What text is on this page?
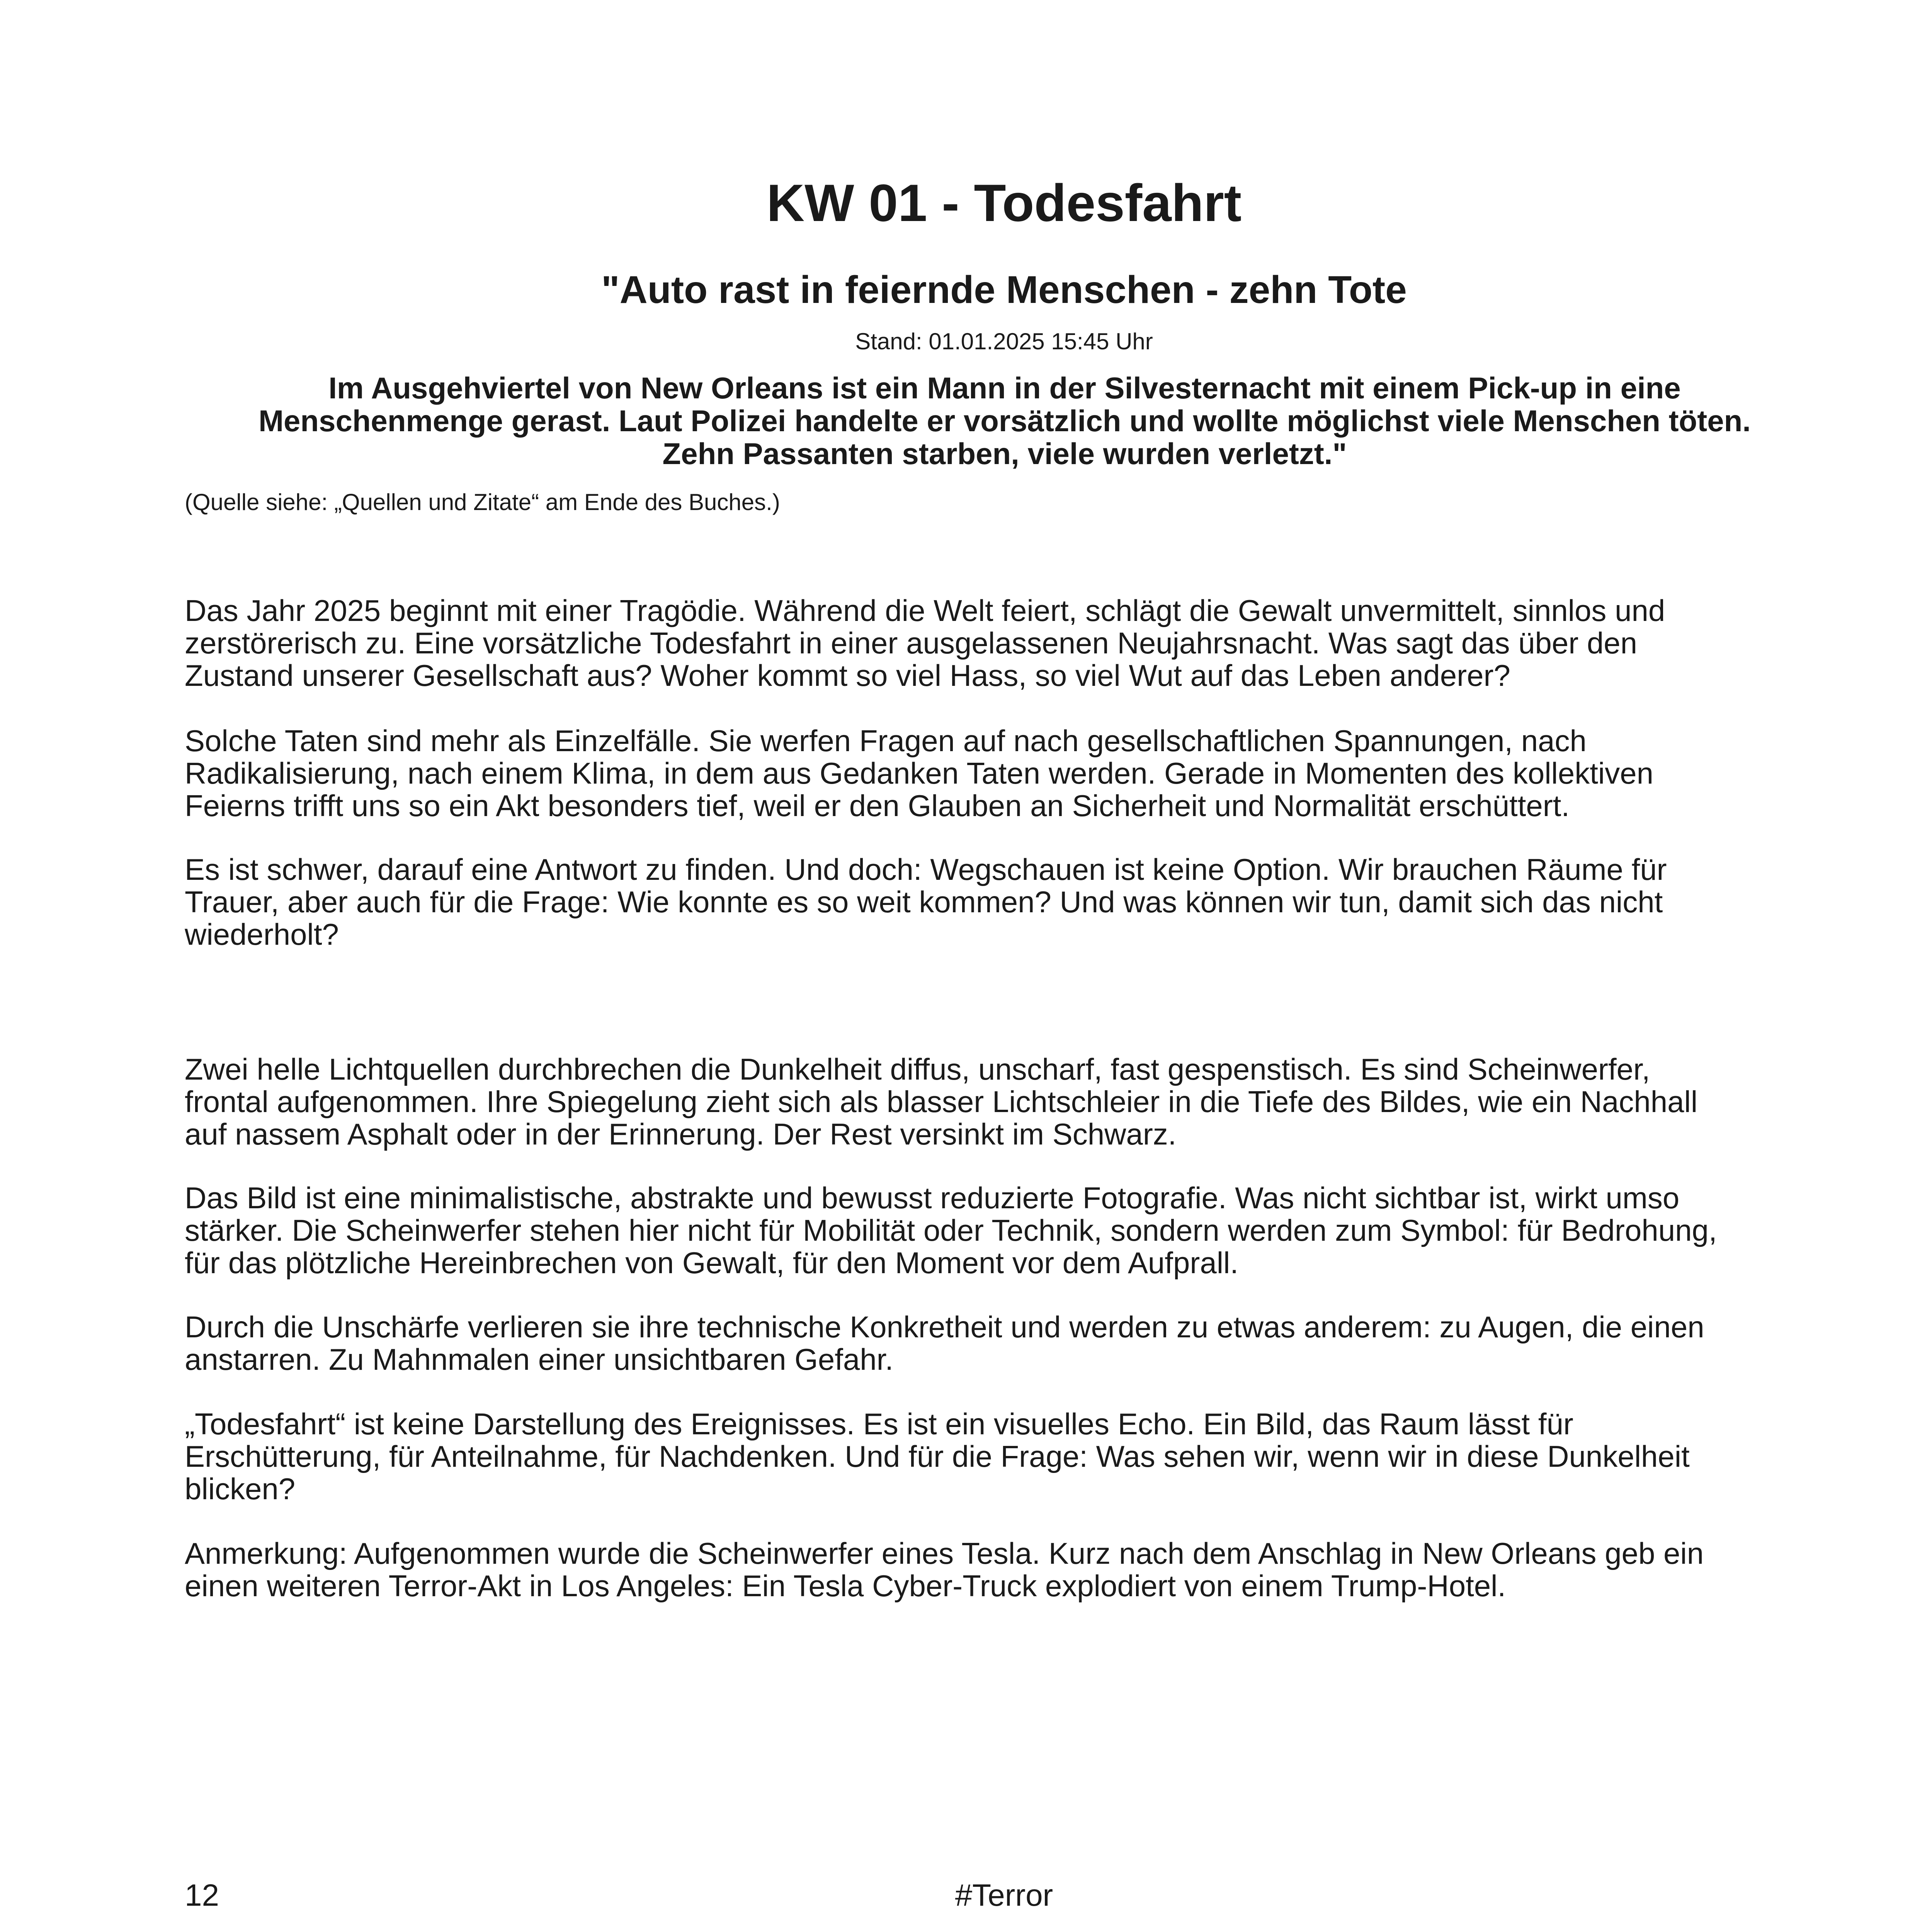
KW 01 - Todesfahrt
"Auto rast in feiernde Menschen - zehn Tote

Stand: 01.01.2025 15:45 Uhr

Im Ausgehviertel von New Orleans ist ein Mann in der Silvesternacht mit einem Pick-up in eine
Menschenmenge gerast. Laut Polizei handelte er vorsätzlich und wollte möglichst viele Menschen töten.
Zehn Passanten starben, viele wurden verletzt."

(Quelle siehe: „Quellen und Zitate“ am Ende des Buches.)

Das Jahr 2025 beginnt mit einer Tragödie. Während die Welt feiert, schlägt die Gewalt unvermittelt, sinnlos und
zerstörerisch zu. Eine vorsätzliche Todesfahrt in einer ausgelassenen Neujahrsnacht. Was sagt das über den
Zustand unserer Gesellschaft aus? Woher kommt so viel Hass, so viel Wut auf das Leben anderer?
Solche Taten sind mehr als Einzelfälle. Sie werfen Fragen auf nach gesellschaftlichen Spannungen, nach
Radikalisierung, nach einem Klima, in dem aus Gedanken Taten werden. Gerade in Momenten des kollektiven
Feierns trifft uns so ein Akt besonders tief, weil er den Glauben an Sicherheit und Normalität erschüttert.
Es ist schwer, darauf eine Antwort zu finden. Und doch: Wegschauen ist keine Option. Wir brauchen Räume für
Trauer, aber auch für die Frage: Wie konnte es so weit kommen? Und was können wir tun, damit sich das nicht
wiederholt?
Zwei helle Lichtquellen durchbrechen die Dunkelheit diffus, unscharf, fast gespenstisch. Es sind Scheinwerfer,
frontal aufgenommen. Ihre Spiegelung zieht sich als blasser Lichtschleier in die Tiefe des Bildes, wie ein Nachhall
auf nassem Asphalt oder in der Erinnerung. Der Rest versinkt im Schwarz.
Das Bild ist eine minimalistische, abstrakte und bewusst reduzierte Fotografie. Was nicht sichtbar ist, wirkt umso
stärker. Die Scheinwerfer stehen hier nicht für Mobilität oder Technik, sondern werden zum Symbol: für Bedrohung,
für das plötzliche Hereinbrechen von Gewalt, für den Moment vor dem Aufprall.
Durch die Unschärfe verlieren sie ihre technische Konkretheit und werden zu etwas anderem: zu Augen, die einen
anstarren. Zu Mahnmalen einer unsichtbaren Gefahr.
„Todesfahrt“ ist keine Darstellung des Ereignisses. Es ist ein visuelles Echo. Ein Bild, das Raum lässt für
Erschütterung, für Anteilnahme, für Nachdenken. Und für die Frage: Was sehen wir, wenn wir in diese Dunkelheit
blicken?
Anmerkung: Aufgenommen wurde die Scheinwerfer eines Tesla. Kurz nach dem Anschlag in New Orleans geb ein
einen weiteren Terror-Akt in Los Angeles: Ein Tesla Cyber-Truck explodiert von einem Trump-Hotel.

12	#Terror
